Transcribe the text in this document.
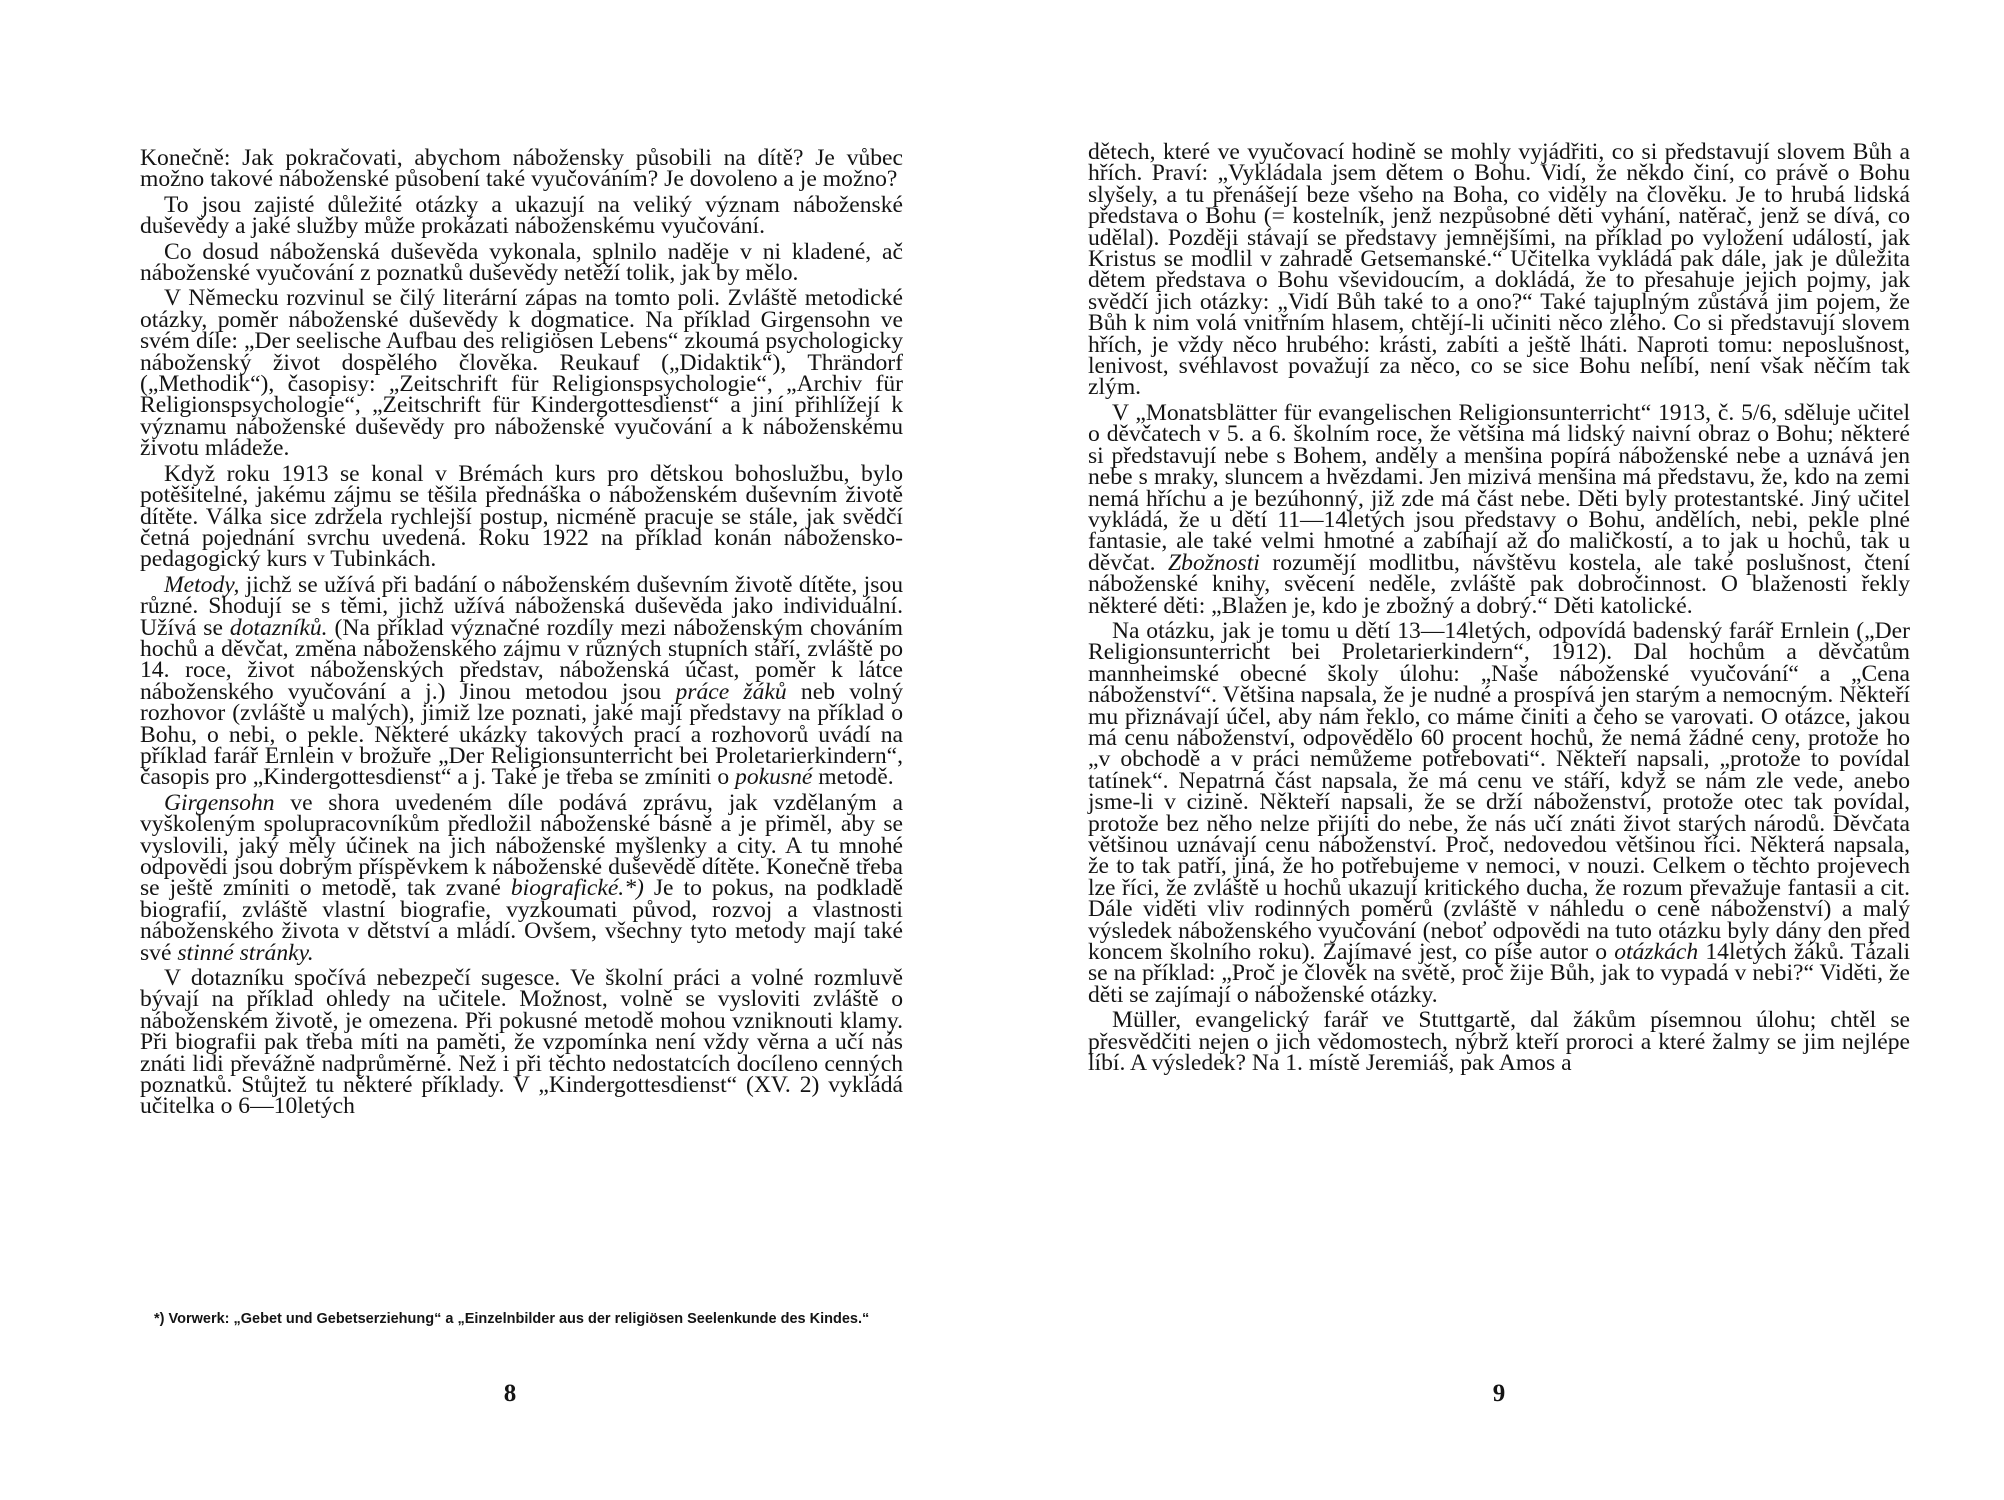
Konečně: Jak pokračovati, abychom nábožensky působili na dítě? Je vůbec možno takové náboženské působení také vyučováním? Je dovoleno a je možno?

To jsou zajisté důležité otázky a ukazují na veliký význam náboženské duševědy a jaké služby může prokázati náboženskému vyučování.

Co dosud náboženská duševěda vykonala, splnilo naděje v ni kladené, ač náboženské vyučování z poznatků duševědy netěží tolik, jak by mělo.

V Německu rozvinul se čilý literární zápas na tomto poli. Zvláště metodické otázky, poměr náboženské duševědy k dogmatice. Na příklad Girgensohn ve svém díle: „Der seelische Aufbau des religiösen Lebens“ zkoumá psychologicky náboženský život dospělého člověka. Reukauf („Didaktik“), Thrändorf („Methodik“), časopisy: „Zeitschrift für Religionspsychologie“, „Archiv für Religionspsychologie“, „Zeitschrift für Kindergottesdienst“ a jiní přihlížejí k významu náboženské duševědy pro náboženské vyučování a k náboženskému životu mládeže.

Když roku 1913 se konal v Brémách kurs pro dětskou bohoslužbu, bylo potěšitelné, jakému zájmu se těšila přednáška o náboženském duševním životě dítěte. Válka sice zdržela rychlejší postup, nicméně pracuje se stále, jak svědčí četná pojednání svrchu uvedená. Roku 1922 na příklad konán nábožensko-pedagogický kurs v Tubinkách.

Metody, jichž se užívá při badání o náboženském duševním životě dítěte, jsou různé. Shodují se s těmi, jichž užívá náboženská duševěda jako individuální. Užívá se dotazníků. (Na příklad význačné rozdíly mezi náboženským chováním hochů a děvčat, změna náboženského zájmu v různých stupních stáří, zvláště po 14. roce, život náboženských představ, náboženská účast, poměr k látce náboženského vyučování a j.) Jinou metodou jsou práce žáků neb volný rozhovor (zvláště u malých), jimiž lze poznati, jaké mají představy na příklad o Bohu, o nebi, o pekle. Některé ukázky takových prací a rozhovorů uvádí na příklad farář Ernlein v brožuře „Der Religionsunterricht bei Proletarierkindern“, časopis pro „Kindergottesdienst“ a j. Také je třeba se zmíniti o pokusné metodě.

Girgensohn ve shora uvedeném díle podává zprávu, jak vzdělaným a vyškoleným spolupracovníkům předložil náboženské básně a je přiměl, aby se vyslovili, jaký měly účinek na jich náboženské myšlenky a city. A tu mnohé odpovědi jsou dobrým příspěvkem k náboženské duševědě dítěte. Konečně třeba se ještě zmíniti o metodě, tak zvané biografické.*) Je to pokus, na podkladě biografií, zvláště vlastní biografie, vyzkoumati původ, rozvoj a vlastnosti náboženského života v dětství a mládí. Ovšem, všechny tyto metody mají také své stinné stránky.

V dotazníku spočívá nebezpečí sugesce. Ve školní práci a volné rozmluvě bývají na příklad ohledy na učitele. Možnost, volně se vysloviti zvláště o náboženském životě, je omezena. Při pokusné metodě mohou vzniknouti klamy. Při biografii pak třeba míti na paměti, že vzpomínka není vždy věrna a učí nás znáti lidi převážně nadprůměrné. Než i při těchto nedostatcích docíleno cenných poznatků. Stůjtež tu některé příklady. V „Kindergottesdienst“ (XV. 2) vykládá učitelka o 6—10letých

*) Vorwerk: „Gebet und Gebetserziehung“ a „Einzelnbilder aus der religiösen Seelenkunde des Kindes.“

8

dětech, které ve vyučovací hodině se mohly vyjádřiti, co si představují slovem Bůh a hřích. Praví: „Vykládala jsem dětem o Bohu. Vidí, že někdo činí, co právě o Bohu slyšely, a tu přenášejí beze všeho na Boha, co viděly na člověku. Je to hrubá lidská představa o Bohu (= kostelník, jenž nezpůsobné děti vyhání, natěrač, jenž se dívá, co udělal). Později stávají se představy jemnějšími, na příklad po vyložení událostí, jak Kristus se modlil v zahradě Getsemanské.“ Učitelka vykládá pak dále, jak je důležita dětem představa o Bohu vševidoucím, a dokládá, že to přesahuje jejich pojmy, jak svědčí jich otázky: „Vidí Bůh také to a ono?“ Také tajuplným zůstává jim pojem, že Bůh k nim volá vnitřním hlasem, chtějí-li učiniti něco zlého. Co si představují slovem hřích, je vždy něco hrubého: krásti, zabíti a ještě lháti. Naproti tomu: neposlušnost, lenivost, svéhlavost považují za něco, co se sice Bohu nelíbí, není však něčím tak zlým.

V „Monatsblätter für evangelischen Religionsunterricht“ 1913, č. 5/6, sděluje učitel o děvčatech v 5. a 6. školním roce, že většina má lidský naivní obraz o Bohu; některé si představují nebe s Bohem, anděly a menšina popírá náboženské nebe a uznává jen nebe s mraky, sluncem a hvězdami. Jen mizivá menšina má představu, že, kdo na zemi nemá hříchu a je bezúhonný, již zde má část nebe. Děti byly protestantské. Jiný učitel vykládá, že u dětí 11—14letých jsou představy o Bohu, andělích, nebi, pekle plné fantasie, ale také velmi hmotné a zabíhají až do maličkostí, a to jak u hochů, tak u děvčat. Zbožnosti rozumějí modlitbu, návštěvu kostela, ale také poslušnost, čtení náboženské knihy, svěcení neděle, zvláště pak dobročinnost. O blaženosti řekly některé děti: „Blažen je, kdo je zbožný a dobrý.“ Děti katolické.

Na otázku, jak je tomu u dětí 13—14letých, odpovídá badenský farář Ernlein („Der Religionsunterricht bei Proletarierkindern“, 1912). Dal hochům a děvčatům mannheimské obecné školy úlohu: „Naše náboženské vyučování“ a „Cena náboženství“. Většina napsala, že je nudné a prospívá jen starým a nemocným. Někteří mu přiznávají účel, aby nám řeklo, co máme činiti a čeho se varovati. O otázce, jakou má cenu náboženství, odpovědělo 60 procent hochů, že nemá žádné ceny, protože ho „v obchodě a v práci nemůžeme potřebovati“. Někteří napsali, „protože to povídal tatínek“. Nepatrná část napsala, že má cenu ve stáří, když se nám zle vede, anebo jsme-li v cizině. Někteří napsali, že se drží náboženství, protože otec tak povídal, protože bez něho nelze přijíti do nebe, že nás učí znáti život starých národů. Děvčata většinou uznávají cenu náboženství. Proč, nedovedou většinou říci. Některá napsala, že to tak patří, jiná, že ho potřebujeme v nemoci, v nouzi. Celkem o těchto projevech lze říci, že zvláště u hochů ukazují kritického ducha, že rozum převažuje fantasii a cit. Dále viděti vliv rodinných poměrů (zvláště v náhledu o ceně náboženství) a malý výsledek náboženského vyučování (neboť odpovědi na tuto otázku byly dány den před koncem školního roku). Zajímavé jest, co píše autor o otázkách 14letých žáků. Tázali se na příklad: „Proč je člověk na světě, proč žije Bůh, jak to vypadá v nebi?“ Viděti, že děti se zajímají o náboženské otázky.

Müller, evangelický farář ve Stuttgartě, dal žákům písemnou úlohu; chtěl se přesvědčiti nejen o jich vědomostech, nýbrž kteří proroci a které žalmy se jim nejlépe líbí. A výsledek? Na 1. místě Jeremiáš, pak Amos a

9
